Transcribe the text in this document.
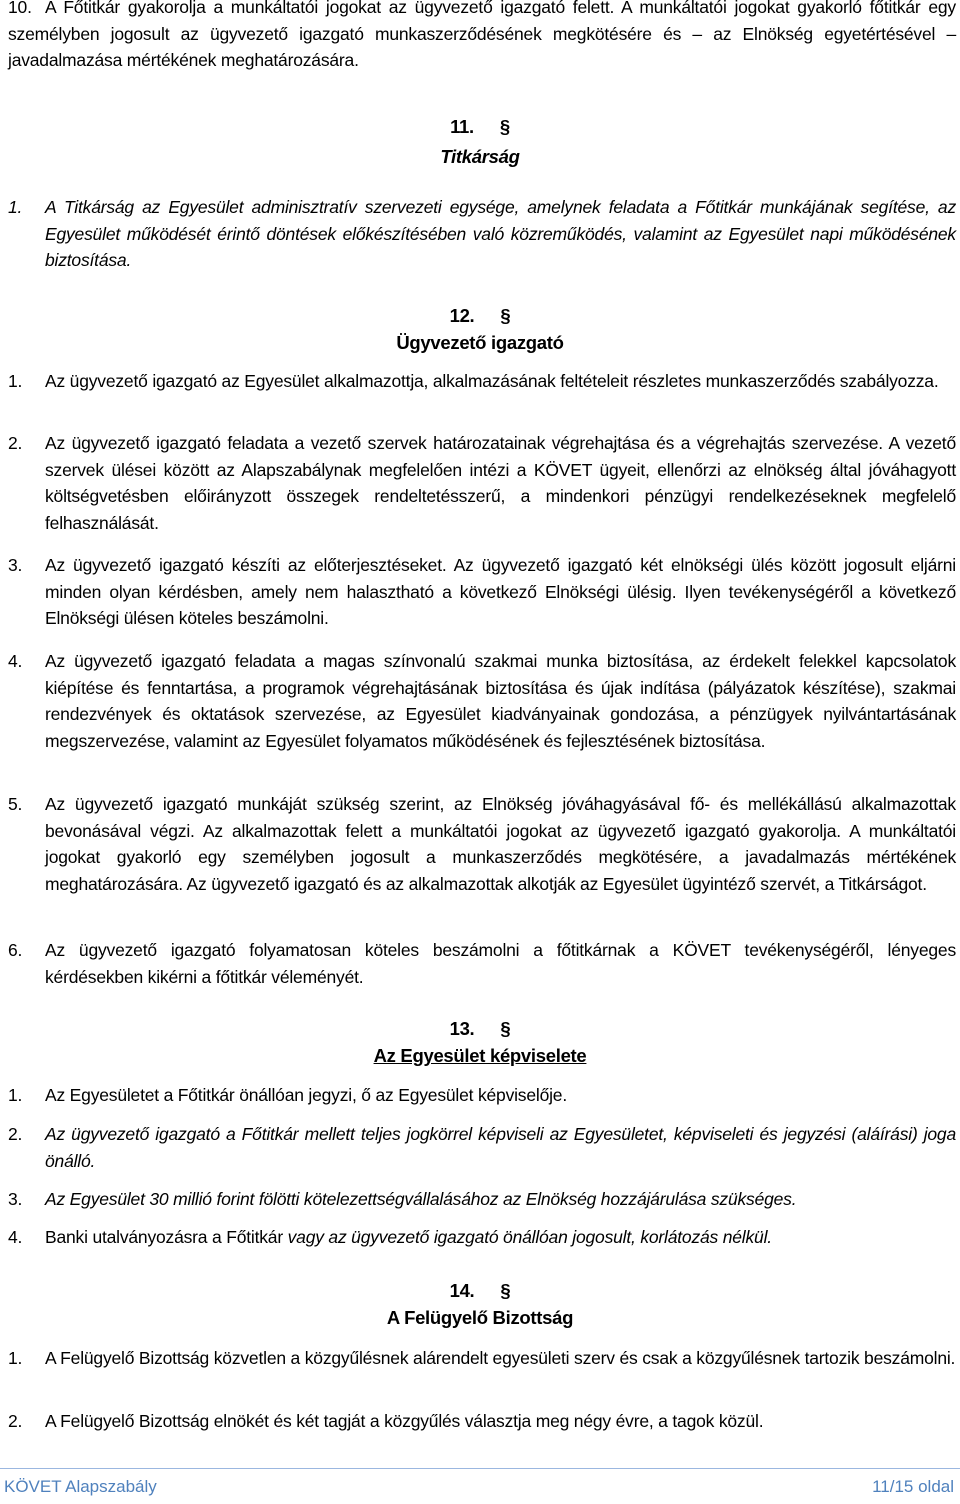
10. A Főtitkár gyakorolja a munkáltatói jogokat az ügyvezető igazgató felett. A munkáltatói jogokat gyakorló főtitkár egy személyben jogosult az ügyvezető igazgató munkaszerződésének megkötésére és – az Elnökség egyetértésével – javadalmazása mértékének meghatározására.
11. §
Titkárság
1.	A Titkárság az Egyesület adminisztratív szervezeti egysége, amelynek feladata a Főtitkár munkájának segítése, az Egyesület működését érintő döntések előkészítésében való közreműködés, valamint az Egyesület napi működésének biztosítása.
12. §
Ügyvezető igazgató
1.	Az ügyvezető igazgató az Egyesület alkalmazottja, alkalmazásának feltételeit részletes munkaszerződés szabályozza.
2.	Az ügyvezető igazgató feladata a vezető szervek határozatainak végrehajtása és a végrehajtás szervezése. A vezető szervek ülései között az Alapszabálynak megfelelően intézi a KÖVET ügyeit, ellenőrzi az elnökség által jóváhagyott költségvetésben előirányzott összegek rendeltetésszerű, a mindenkori pénzügyi rendelkezéseknek megfelelő felhasználását.
3.	Az ügyvezető igazgató készíti az előterjesztéseket. Az ügyvezető igazgató két elnökségi ülés között jogosult eljárni minden olyan kérdésben, amely nem halasztható a következő Elnökségi ülésig. Ilyen tevékenységéről a következő Elnökségi ülésen köteles beszámolni.
4.	Az ügyvezető igazgató feladata a magas színvonalú szakmai munka biztosítása, az érdekelt felekkel kapcsolatok kiépítése és fenntartása, a programok végrehajtásának biztosítása és újak indítása (pályázatok készítése), szakmai rendezvények és oktatások szervezése, az Egyesület kiadványainak gondozása, a pénzügyek nyilvántartásának megszervezése, valamint az Egyesület folyamatos működésének és fejlesztésének biztosítása.
5.	Az ügyvezető igazgató munkáját szükség szerint, az Elnökség jóváhagyásával fő- és mellékállású alkalmazottak bevonásával végzi. Az alkalmazottak felett a munkáltatói jogokat az ügyvezető igazgató gyakorolja. A munkáltatói jogokat gyakorló egy személyben jogosult a munkaszerződés megkötésére, a javadalmazás mértékének meghatározására. Az ügyvezető igazgató és az alkalmazottak alkotják az Egyesület ügyintéző szervét, a Titkárságot.
6.	Az ügyvezető igazgató folyamatosan köteles beszámolni a főtitkárnak a KÖVET tevékenységéről, lényeges kérdésekben kikérni a főtitkár véleményét.
13. §
Az Egyesület képviselete
1.	Az Egyesületet a Főtitkár önállóan jegyzi, ő az Egyesület képviselője.
2.	Az ügyvezető igazgató a Főtitkár mellett teljes jogkörrel képviseli az Egyesületet, képviseleti és jegyzési (aláírási) joga önálló.
3.	Az Egyesület 30 millió forint fölötti kötelezettségvállalásához az Elnökség hozzájárulása szükséges.
4.	Banki utalványozásra a Főtitkár vagy az ügyvezető igazgató önállóan jogosult, korlátozás nélkül.
14. §
A Felügyelő Bizottság
1.	A Felügyelő Bizottság közvetlen a közgyűlésnek alárendelt egyesületi szerv és csak a közgyűlésnek tartozik beszámolni.
2.	A Felügyelő Bizottság elnökét és két tagját a közgyűlés választja meg négy évre, a tagok közül.
KÖVET Alapszabály	11/15 oldal
